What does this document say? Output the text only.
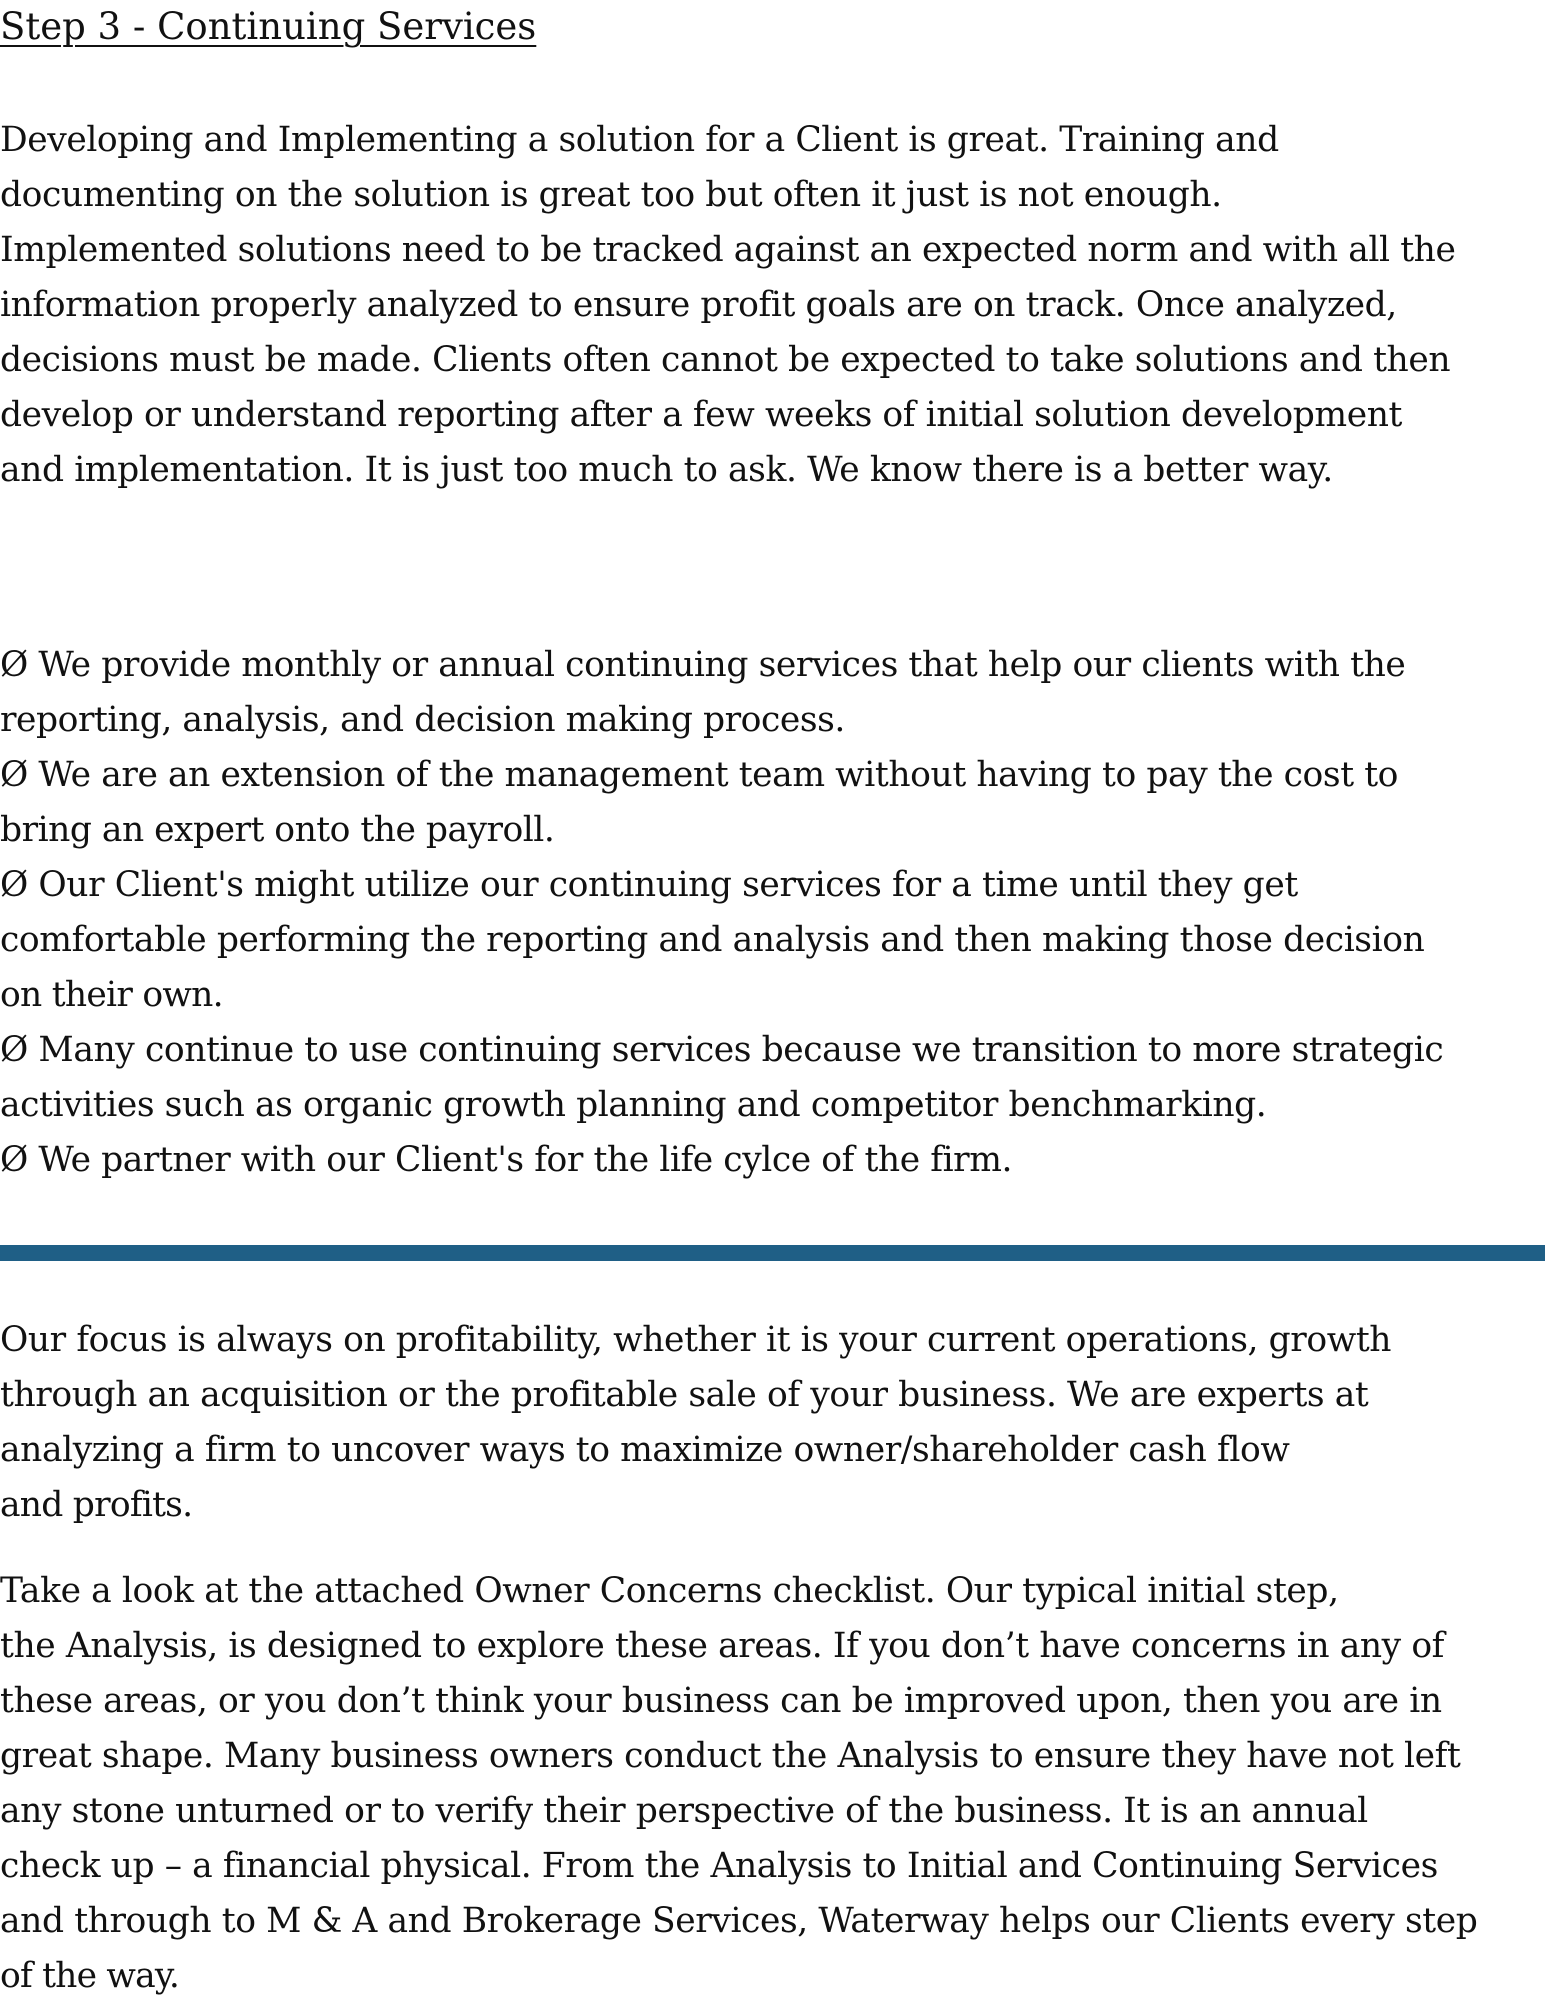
Step 3 - Continuing Services
Developing and Implementing a solution for a Client is great. Training and
documenting on the solution is great too but often it just is not enough.
Implemented solutions need to be tracked against an expected norm and with all the
information properly analyzed to ensure profit goals are on track. Once analyzed,
decisions must be made. Clients often cannot be expected to take solutions and then
develop or understand reporting after a few weeks of initial solution development
and implementation. It is just too much to ask. We know there is a better way.
Ø We provide monthly or annual continuing services that help our clients with the
reporting, analysis, and decision making process.
Ø We are an extension of the management team without having to pay the cost to
bring an expert onto the payroll.
Ø Our Client's might utilize our continuing services for a time until they get
comfortable performing the reporting and analysis and then making those decision
on their own.
Ø Many continue to use continuing services because we transition to more strategic
activities such as organic growth planning and competitor benchmarking.
Ø We partner with our Client's for the life cylce of the firm.
Our focus is always on profitability, whether it is your current operations, growth
through an acquisition or the profitable sale of your business. We are experts at
analyzing a firm to uncover ways to maximize owner/shareholder cash flow
and profits.
Take a look at the attached Owner Concerns checklist. Our typical initial step,
the Analysis, is designed to explore these areas. If you don’t have concerns in any of
these areas, or you don’t think your business can be improved upon, then you are in
great shape. Many business owners conduct the Analysis to ensure they have not left
any stone unturned or to verify their perspective of the business. It is an annual
check up – a financial physical. From the Analysis to Initial and Continuing Services
and through to M & A and Brokerage Services, Waterway helps our Clients every step
of the way.
